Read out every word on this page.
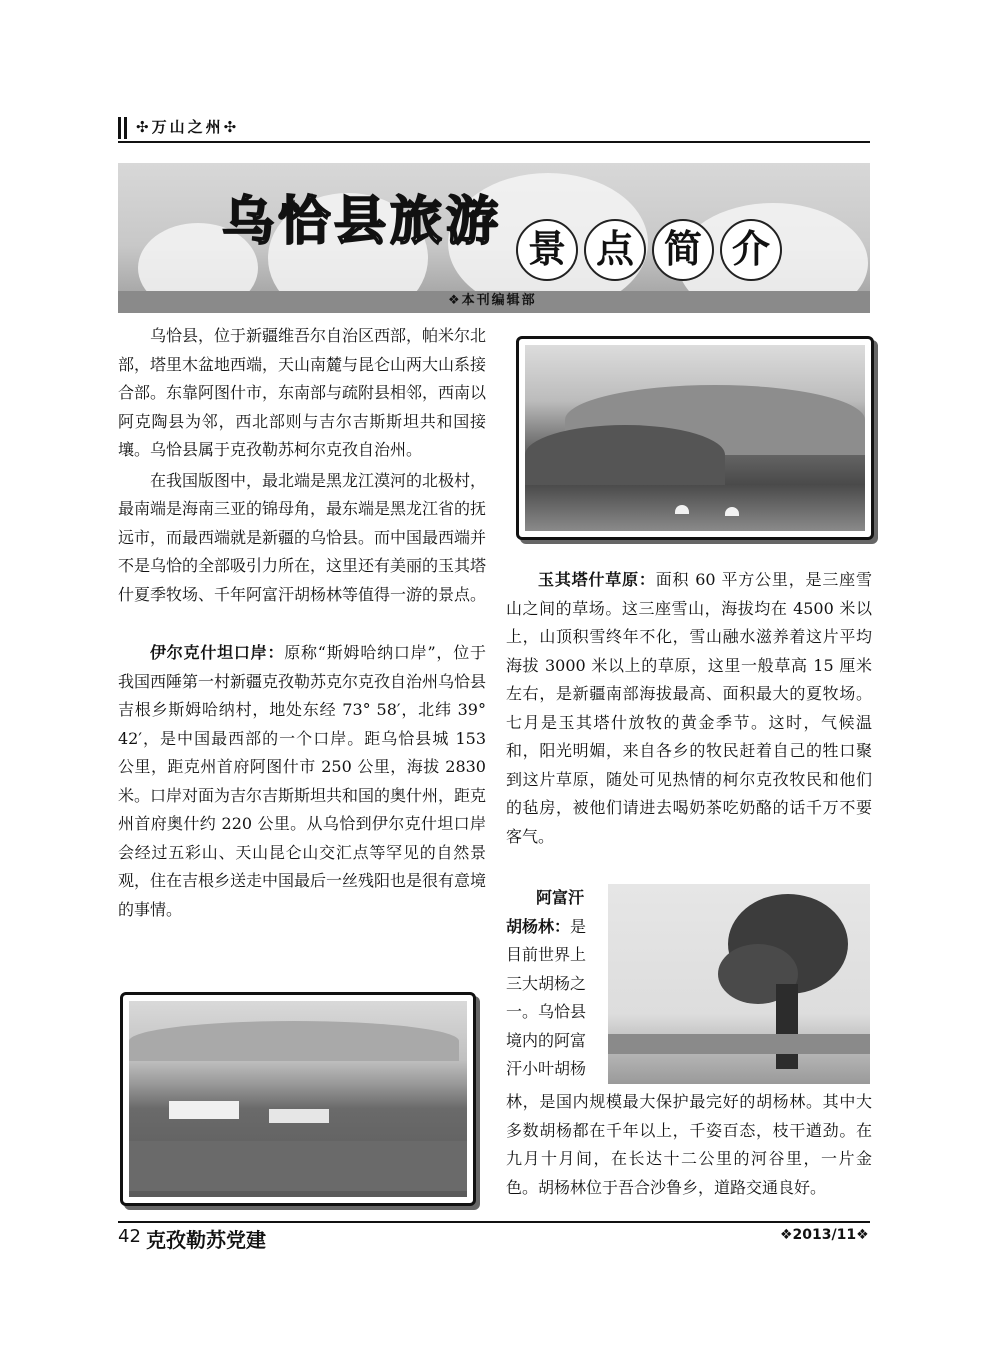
✣万山之州✣
乌恰县旅游 景 点 简 介
❖本刊编辑部

乌恰县，位于新疆维吾尔自治区西部，帕米尔北部，塔里木盆地西端，天山南麓与昆仑山两大山系接合部。东靠阿图什市，东南部与疏附县相邻，西南以阿克陶县为邻，西北部则与吉尔吉斯斯坦共和国接壤。乌恰县属于克孜勒苏柯尔克孜自治州。

在我国版图中，最北端是黑龙江漠河的北极村，最南端是海南三亚的锦母角，最东端是黑龙江省的抚远市，而最西端就是新疆的乌恰县。而中国最西端并不是乌恰的全部吸引力所在，这里还有美丽的玉其塔什夏季牧场、千年阿富汗胡杨林等值得一游的景点。

伊尔克什坦口岸：原称“斯姆哈纳口岸”，位于我国西陲第一村新疆克孜勒苏克尔克孜自治州乌恰县吉根乡斯姆哈纳村，地处东经 73° 58′，北纬 39° 42′，是中国最西部的一个口岸。距乌恰县城 153 公里，距克州首府阿图什市 250 公里，海拔 2830 米。口岸对面为吉尔吉斯斯坦共和国的奥什州，距克州首府奥什约 220 公里。从乌恰到伊尔克什坦口岸会经过五彩山、天山昆仑山交汇点等罕见的自然景观，住在吉根乡送走中国最后一丝残阳也是很有意境的事情。

玉其塔什草原：面积 60 平方公里，是三座雪山之间的草场。这三座雪山，海拔均在 4500 米以上，山顶积雪终年不化，雪山融水滋养着这片平均海拔 3000 米以上的草原，这里一般草高 15 厘米左右，是新疆南部海拔最高、面积最大的夏牧场。七月是玉其塔什放牧的黄金季节。这时，气候温和，阳光明媚，来自各乡的牧民赶着自己的牲口聚到这片草原，随处可见热情的柯尔克孜牧民和他们的毡房，被他们请进去喝奶茶吃奶酪的话千万不要客气。

阿富汗
胡杨林：是
目前世界上
三大胡杨之
一。乌恰县
境内的阿富
汗小叶胡杨

林，是国内规模最大保护最完好的胡杨林。其中大多数胡杨都在千年以上，千姿百态，枝干遒劲。在九月十月间，在长达十二公里的河谷里，一片金色。胡杨林位于吾合沙鲁乡，道路交通良好。

42 克孜勒苏党建	❖2013/11❖
